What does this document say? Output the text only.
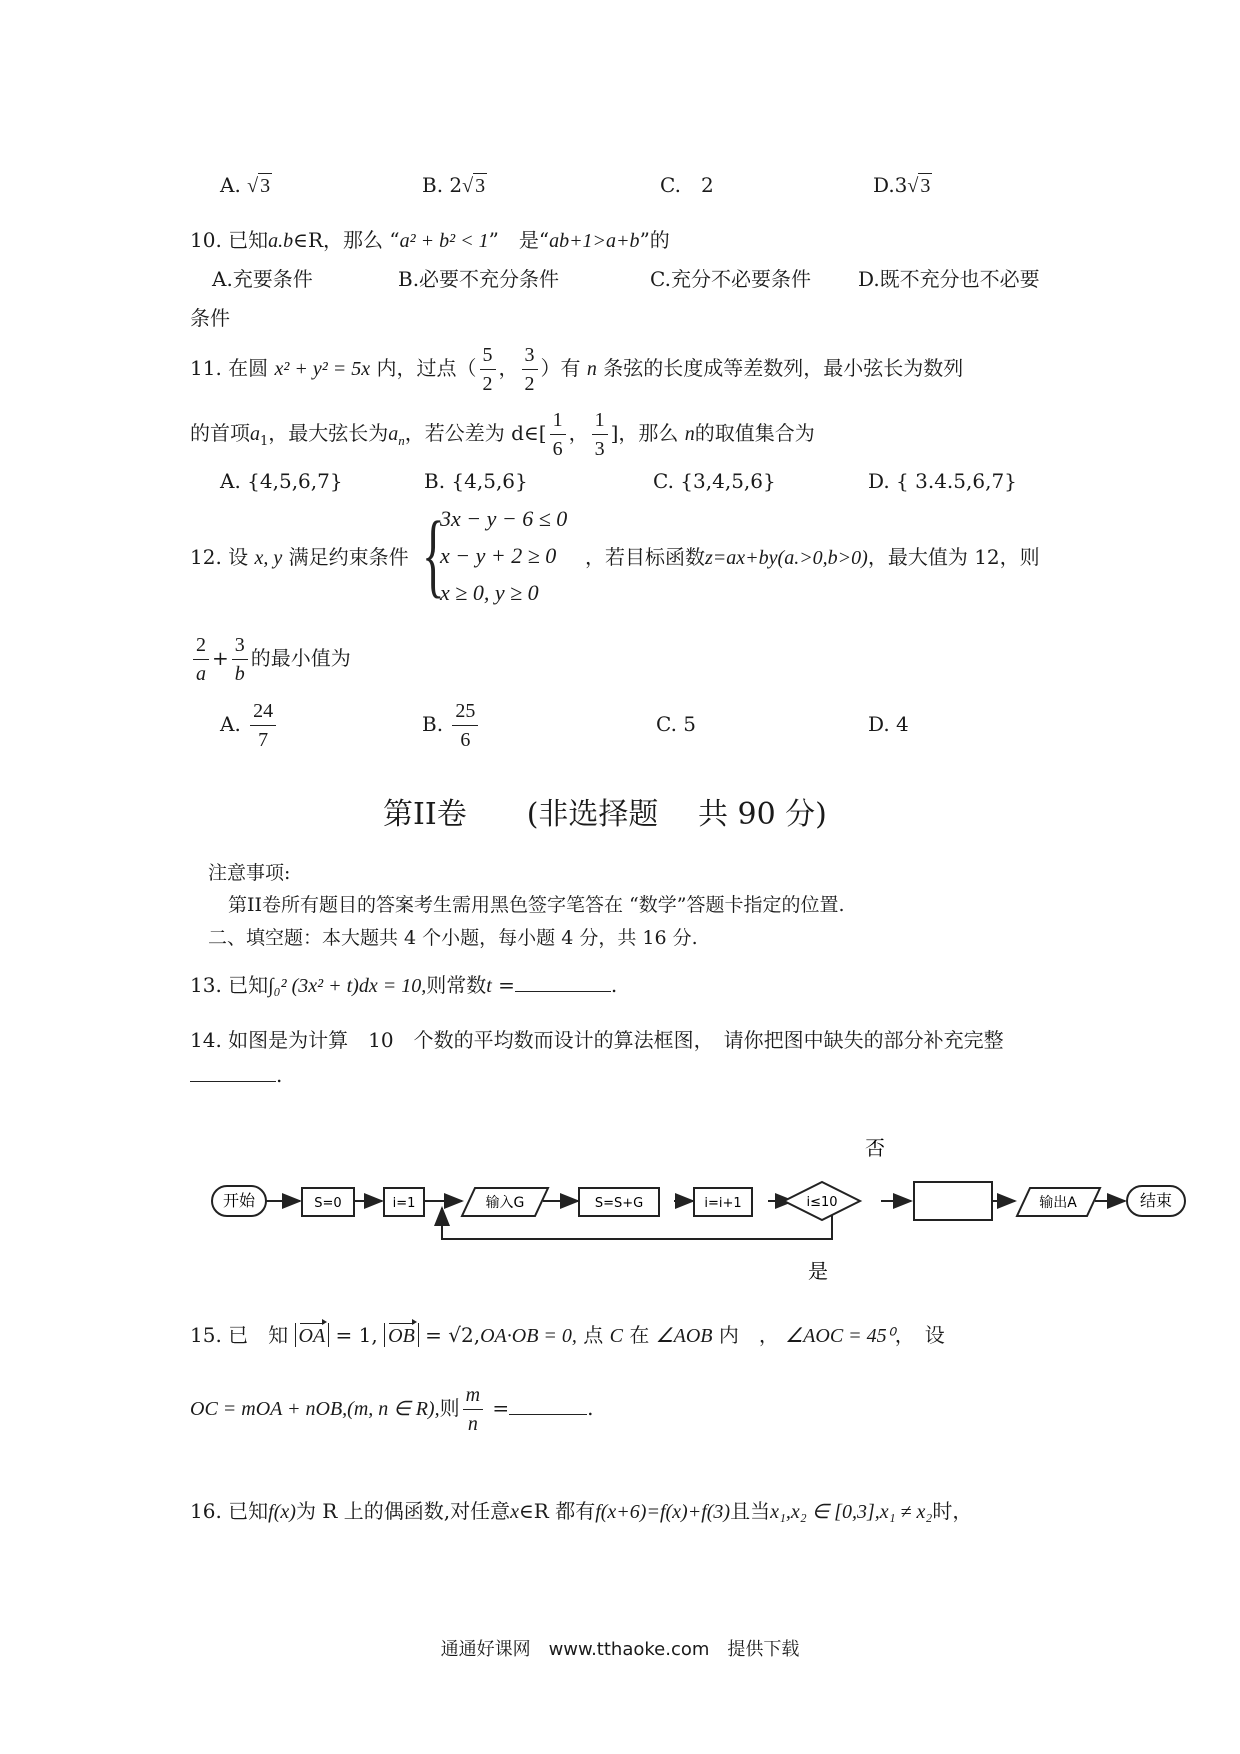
A. √ 3	B. 2√ 3	C.　2	D.3√ 3
10. 已知a.b∈R，那么 “a² + b² < 1”　是“ab+1>a+b”的
A.充要条件	B.必要不充分条件	C.充分不必要条件 D.既不充分也不必要
条件
11. 在圆 x² + y² = 5x 内，过点（ $\frac{5}{2}$ ， $\frac{3}{2}$ ）有 n 条弦的长度成等差数列，最小弦长为数列
的首项$a_1$，最大弦长为$a_n$，若公差为 d∈[ $\frac{1}{6}$ ， $\frac{1}{3}$ ]，那么 n的取值集合为
A. {4,5,6,7}	B. {4,5,6}	C. {3,4,5,6}	D. { 3.4.5,6,7}
12. 设 x, y 满足约束条件 {
3x − y − 6 ≤ 0
x − y + 2 ≥ 0
x ≥ 0, y ≥ 0
，若目标函数z=ax+by(a.>0,b>0)，最大值为 12，则
$\frac{2}{a} + \frac{3}{b}$ 的最小值为
A. $\frac{24}{7}$	B. $\frac{25}{6}$	C. 5	D. 4
第II卷　　(非选择题　 共 90 分)
注意事项:
第II卷所有题目的答案考生需用黑色签字笔答在 “数学”答题卡指定的位置.
二、填空题：本大题共 4 个小题，每小题 4 分，共 16 分.
13. 已知∫₀² (3x² + t)dx = 10,则常数t =	.
14. 如图是为计算　10　个数的平均数而设计的算法框图，　请你把图中缺失的部分补充完整
.
开始	S=0	i=1	输入G	S=S+G	i=i+1	i≤10	输出A	结束
否
是
15. 已　知 OA = 1, OB = √2,OA·OB = 0, 点 C 在 ∠AOB 内　， ∠AOC = 45⁰，　设
OC = mOA + nOB,(m, n ∈ R),则 $\frac{m}{n}$ =	.
16. 已知f(x)为 R 上的偶函数,对任意x∈R 都有f(x+6)=f(x)+f(3)且当x₁,x₂ ∈ [0,3],x₁ ≠ x₂时，
通通好课网　www.tthaoke.com　提供下载
